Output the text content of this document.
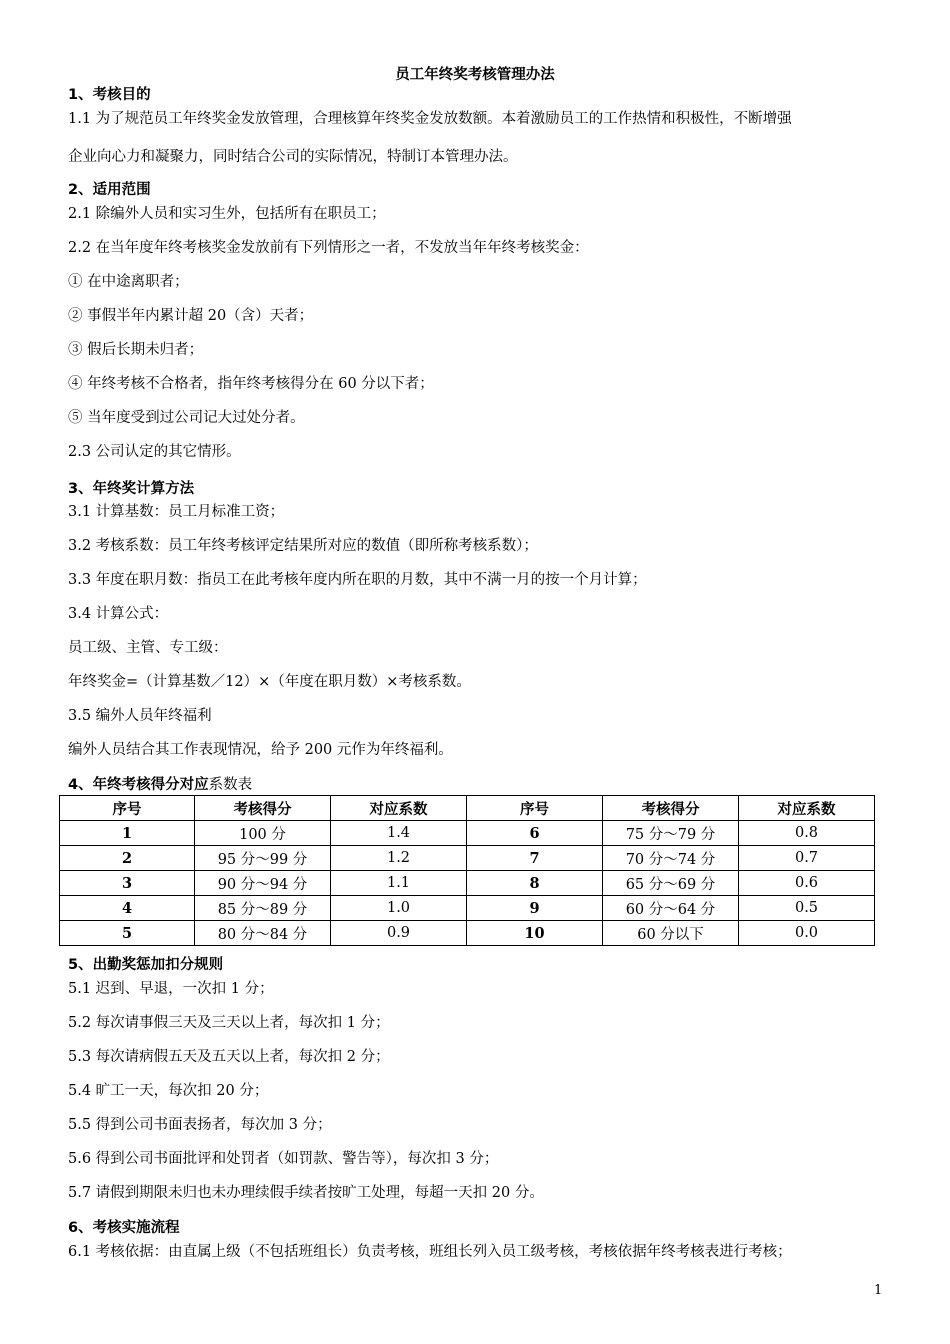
员工年终奖考核管理办法
1、考核目的
1.1 为了规范员工年终奖金发放管理，合理核算年终奖金发放数额。本着激励员工的工作热情和积极性，不断增强
企业向心力和凝聚力，同时结合公司的实际情况，特制订本管理办法。
2、适用范围
2.1 除编外人员和实习生外，包括所有在职员工；
2.2 在当年度年终考核奖金发放前有下列情形之一者，不发放当年年终考核奖金：
① 在中途离职者；
② 事假半年内累计超 20（含）天者；
③ 假后长期未归者；
④ 年终考核不合格者，指年终考核得分在 60 分以下者；
⑤ 当年度受到过公司记大过处分者。
2.3 公司认定的其它情形。
3、年终奖计算方法
3.1 计算基数：员工月标准工资；
3.2 考核系数：员工年终考核评定结果所对应的数值（即所称考核系数）；
3.3 年度在职月数：指员工在此考核年度内所在职的月数，其中不满一月的按一个月计算；
3.4 计算公式：
员工级、主管、专工级：
年终奖金=（计算基数／12）×（年度在职月数）×考核系数。
3.5 编外人员年终福利
编外人员结合其工作表现情况，给予 200 元作为年终福利。
4、年终考核得分对应系数表
序号	考核得分	对应系数	序号	考核得分	对应系数
1	100 分	1.4	6	75 分～79 分	0.8
2	95 分～99 分	1.2	7	70 分～74 分	0.7
3	90 分～94 分	1.1	8	65 分～69 分	0.6
4	85 分～89 分	1.0	9	60 分～64 分	0.5
5	80 分～84 分	0.9	10	60 分以下	0.0
5、出勤奖惩加扣分规则
5.1 迟到、早退，一次扣 1 分；
5.2 每次请事假三天及三天以上者，每次扣 1 分；
5.3 每次请病假五天及五天以上者，每次扣 2 分；
5.4 旷工一天，每次扣 20 分；
5.5 得到公司书面表扬者，每次加 3 分；
5.6 得到公司书面批评和处罚者（如罚款、警告等），每次扣 3 分；
5.7 请假到期限未归也未办理续假手续者按旷工处理，每超一天扣 20 分。
6、考核实施流程
6.1 考核依据：由直属上级（不包括班组长）负责考核，班组长列入员工级考核，考核依据年终考核表进行考核；
1
